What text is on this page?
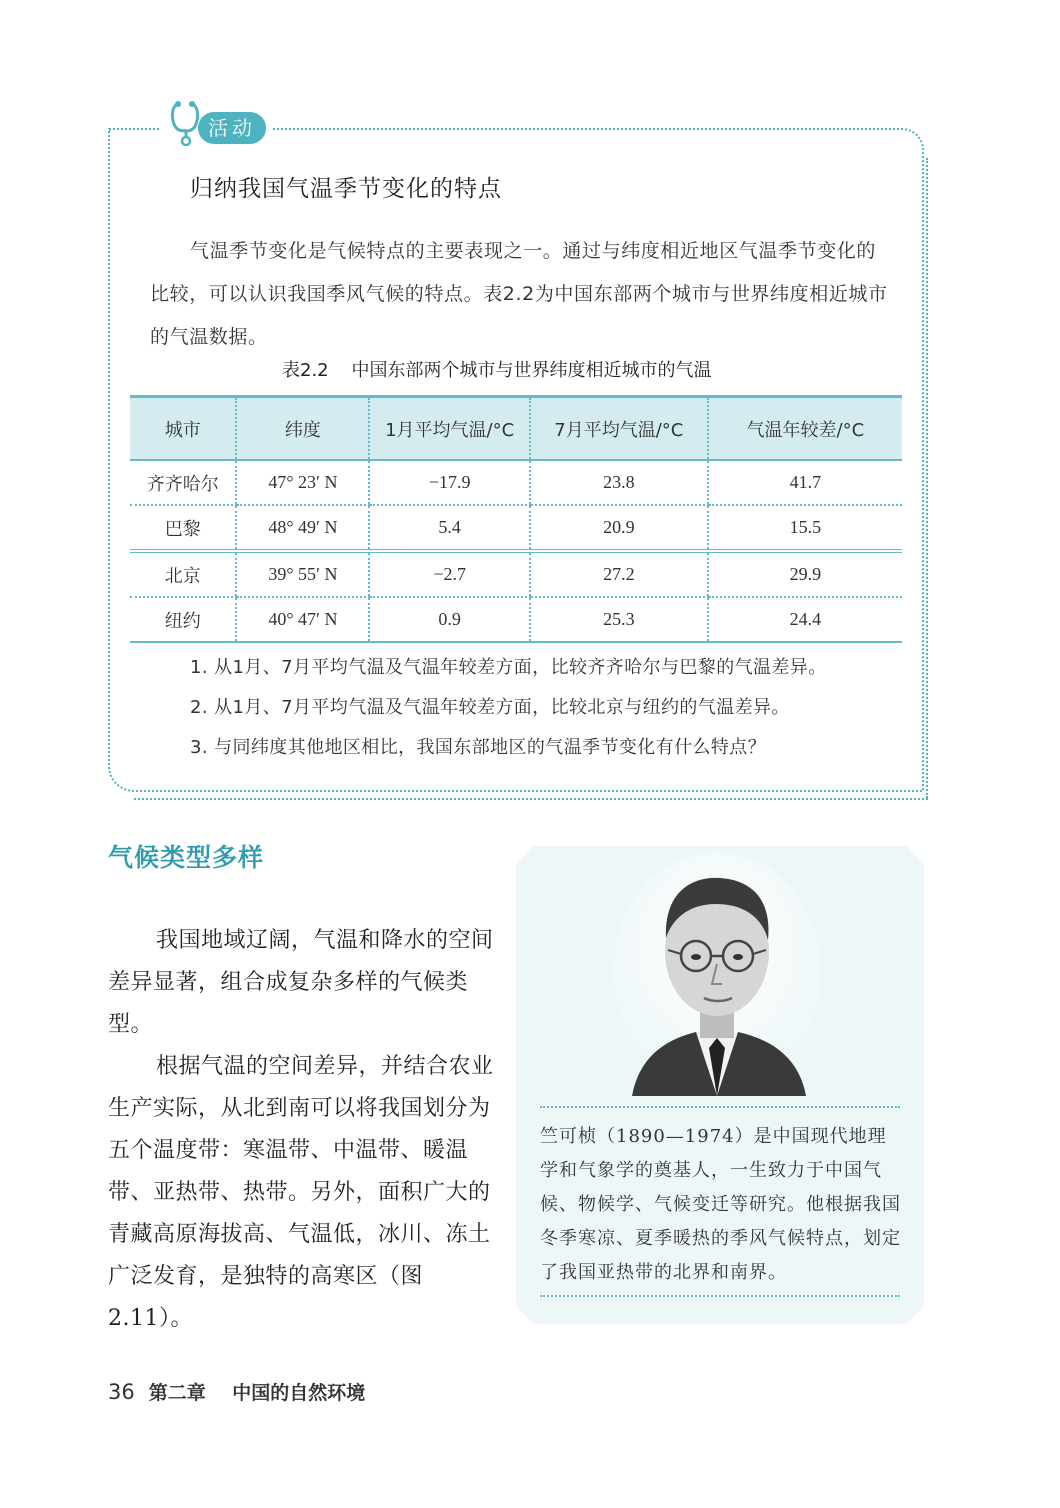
活动
归纳我国气温季节变化的特点
气温季节变化是气候特点的主要表现之一。通过与纬度相近地区气温季节变化的比较，可以认识我国季风气候的特点。表2.2为中国东部两个城市与世界纬度相近城市的气温数据。
表2.2    中国东部两个城市与世界纬度相近城市的气温
城市	纬度	1月平均气温/°C	7月平均气温/°C	气温年较差/°C
齐齐哈尔	47° 23′ N	−17.9	23.8	41.7
巴黎	48° 49′ N	5.4	20.9	15.5
北京	39° 55′ N	−2.7	27.2	29.9
纽约	40° 47′ N	0.9	25.3	24.4
1. 从1月、7月平均气温及气温年较差方面，比较齐齐哈尔与巴黎的气温差异。
2. 从1月、7月平均气温及气温年较差方面，比较北京与纽约的气温差异。
3. 与同纬度其他地区相比，我国东部地区的气温季节变化有什么特点？
气候类型多样

我国地域辽阔，气温和降水的空间差异显著，组合成复杂多样的气候类型。

根据气温的空间差异，并结合农业生产实际，从北到南可以将我国划分为五个温度带：寒温带、中温带、暖温带、亚热带、热带。另外，面积广大的青藏高原海拔高、气温低，冰川、冻土广泛发育，是独特的高寒区（图2.11）。

竺可桢（1890—1974）是中国现代地理学和气象学的奠基人，一生致力于中国气候、物候学、气候变迁等研究。他根据我国冬季寒凉、夏季暖热的季风气候特点，划定了我国亚热带的北界和南界。
36 第二章    中国的自然环境
